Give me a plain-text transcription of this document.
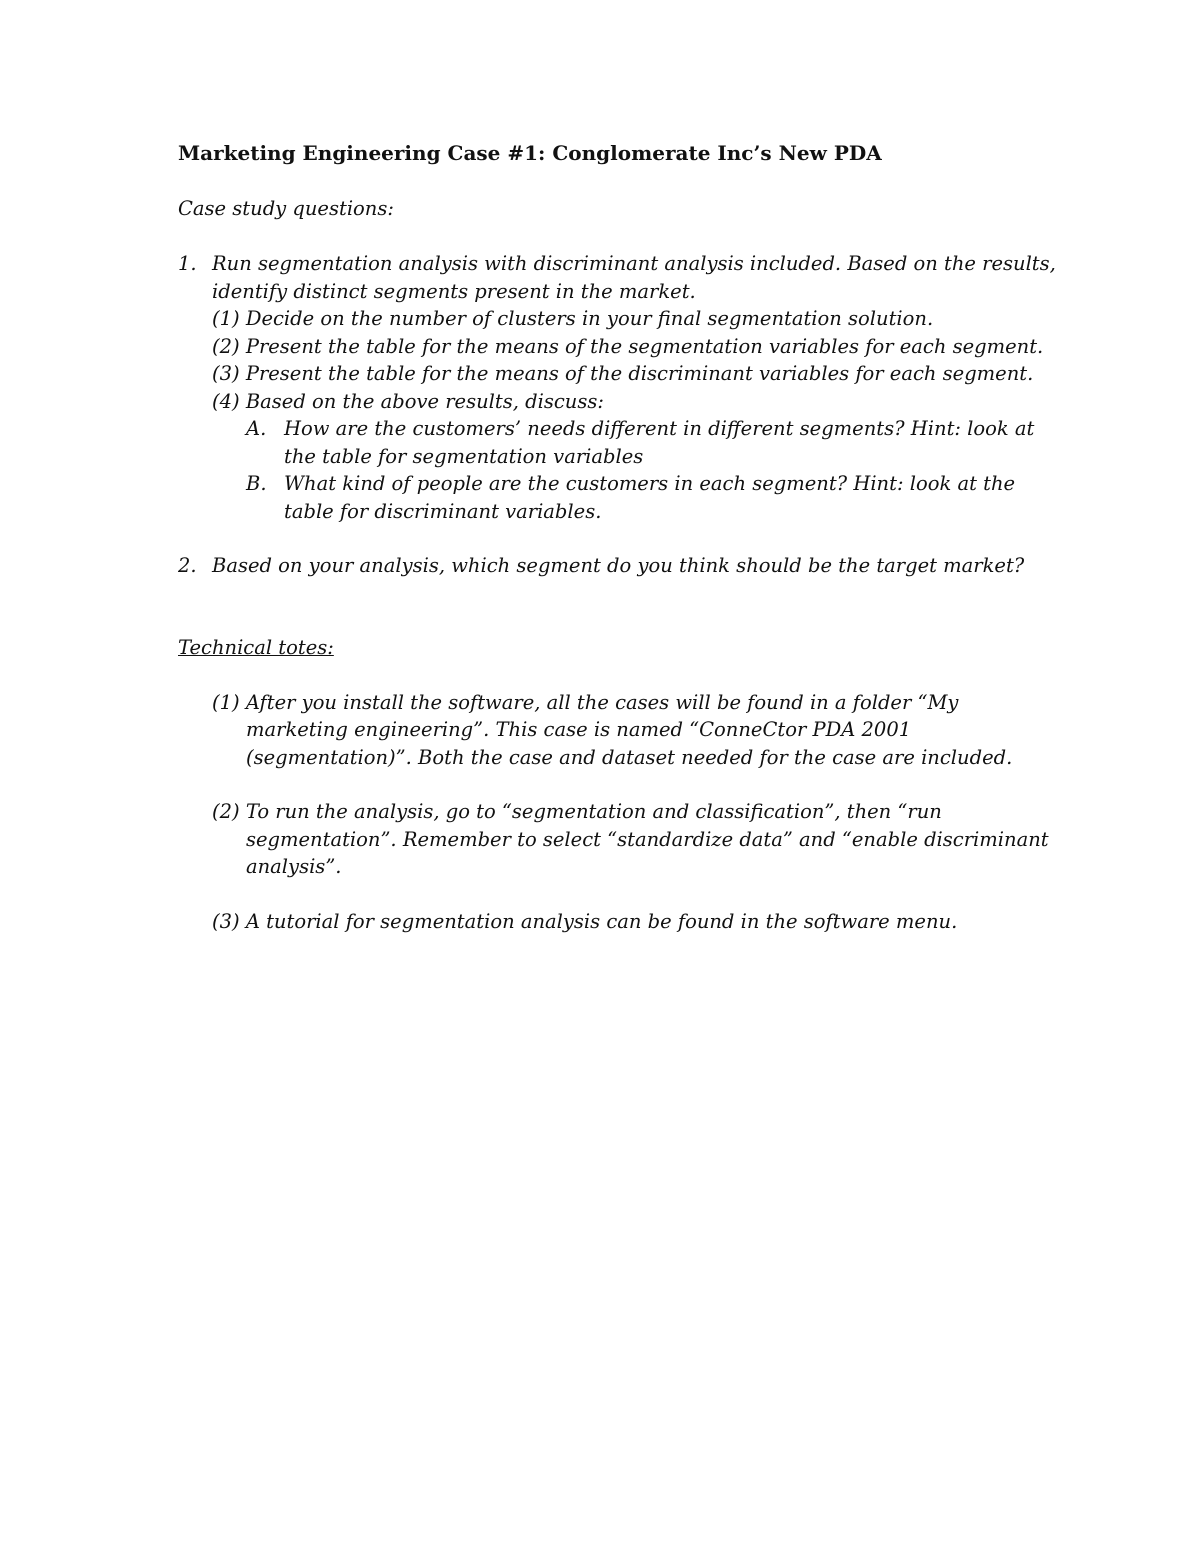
Marketing Engineering Case #1: Conglomerate Inc’s New PDA

Case study questions:

1. Run segmentation analysis with discriminant analysis included. Based on the results, identify distinct segments present in the market.
(1) Decide on the number of clusters in your final segmentation solution.
(2) Present the table for the means of the segmentation variables for each segment.
(3) Present the table for the means of the discriminant variables for each segment.
(4) Based on the above results, discuss:
A. How are the customers’ needs different in different segments? Hint: look at the table for segmentation variables
B. What kind of people are the customers in each segment? Hint: look at the table for discriminant variables.
2. Based on your analysis, which segment do you think should be the target market?

Technical totes:

(1) After you install the software, all the cases will be found in a folder “My marketing engineering”. This case is named “ConneCtor PDA 2001 (segmentation)”. Both the case and dataset needed for the case are included.
(2) To run the analysis, go to “segmentation and classification”, then “run segmentation”. Remember to select “standardize data” and “enable discriminant analysis”.
(3) A tutorial for segmentation analysis can be found in the software menu.
